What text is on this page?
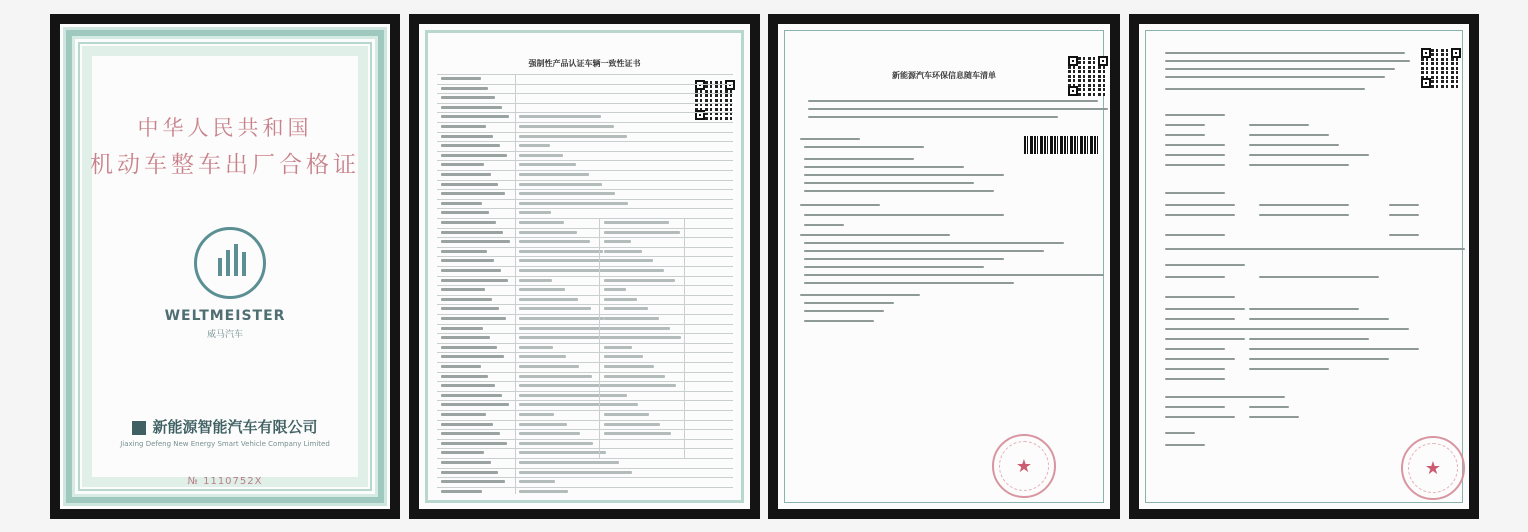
中华人民共和国
机动车整车出厂合格证
WELTMEISTER
威马汽车
新能源智能汽车有限公司
Jiaxing Defeng New Energy Smart Vehicle Company Limited
№ 1110752X
强制性产品认证车辆一致性证书
新能源汽车环保信息随车清单
★	★
